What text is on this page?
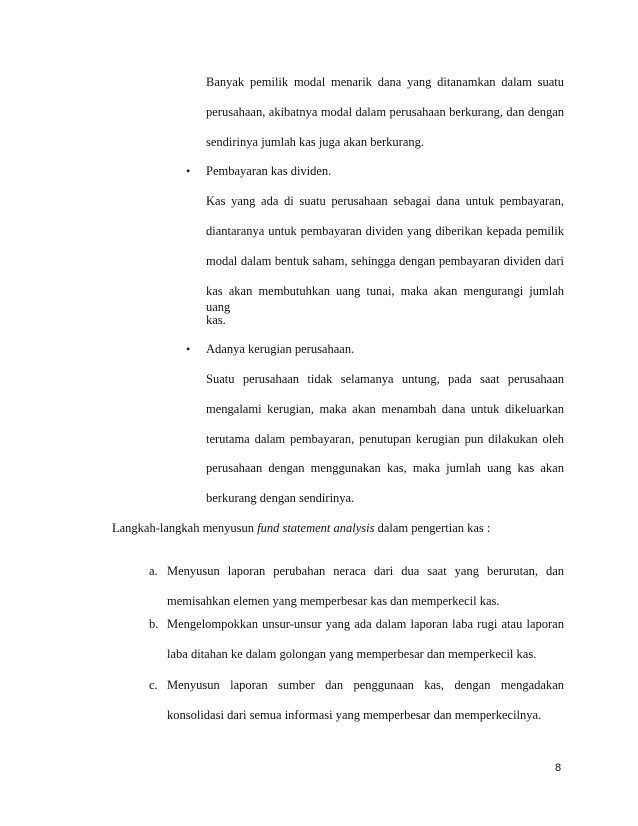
Banyak pemilik modal menarik dana yang ditanamkan dalam suatu
perusahaan, akibatnya modal dalam perusahaan berkurang, dan dengan
sendirinya jumlah kas juga akan berkurang.
• Pembayaran kas dividen.
Kas yang ada di suatu perusahaan sebagai dana untuk pembayaran,
diantaranya untuk pembayaran dividen yang diberikan kepada pemilik
modal dalam bentuk saham, sehingga dengan pembayaran dividen dari
kas akan membutuhkan uang tunai, maka akan mengurangi jumlah uang
kas.
• Adanya kerugian perusahaan.
Suatu perusahaan tidak selamanya untung, pada saat perusahaan
mengalami kerugian, maka akan menambah dana untuk dikeluarkan
terutama dalam pembayaran, penutupan kerugian pun dilakukan oleh
perusahaan dengan menggunakan kas, maka jumlah uang kas akan
berkurang dengan sendirinya.
Langkah-langkah menyusun fund statement analysis dalam pengertian kas :
a. Menyusun laporan perubahan neraca dari dua saat yang berurutan, dan
memisahkan elemen yang memperbesar kas dan memperkecil kas.
b. Mengelompokkan unsur-unsur yang ada dalam laporan laba rugi atau laporan
laba ditahan ke dalam golongan yang memperbesar dan memperkecil kas.
c. Menyusun laporan sumber dan penggunaan kas, dengan mengadakan
konsolidasi dari semua informasi yang memperbesar dan memperkecilnya.
8
